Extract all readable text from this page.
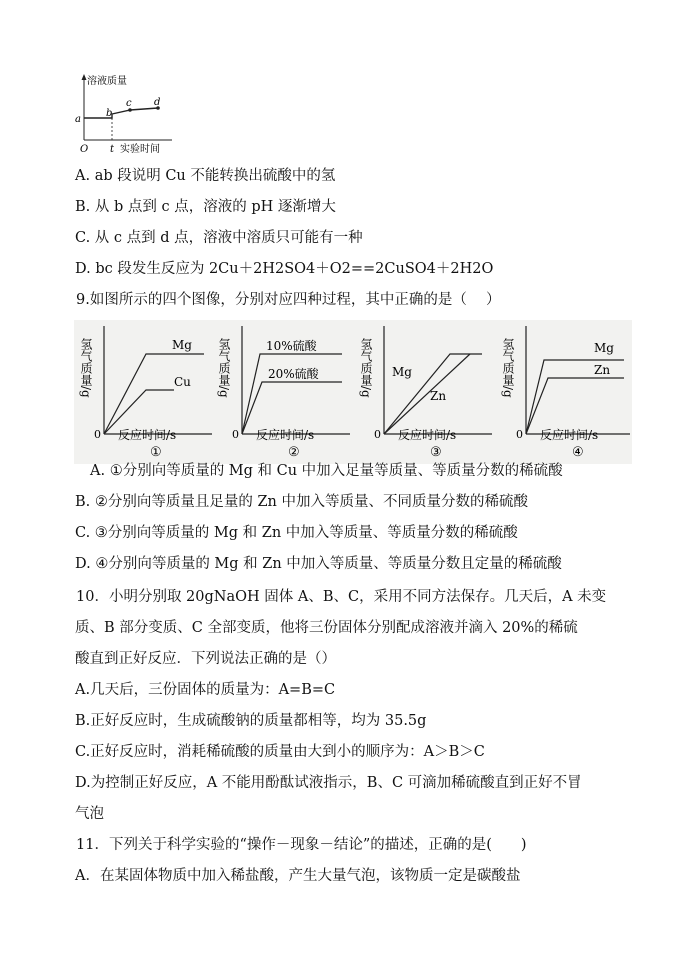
溶液质量
a
b
c d
O t 实验时间
A. ab 段说明 Cu 不能转换出硫酸中的氢
B. 从 b 点到 c 点，溶液的 pH 逐渐增大
C. 从 c 点到 d 点，溶液中溶质只可能有一种
D. bc 段发生反应为 2Cu＋2H2SO4＋O2==2CuSO4＋2H2O
9.如图所示的四个图像，分别对应四种过程，其中正确的是（　 ）
氢气质量/g	Mg
Cu
0 反应时间/s
①
氢气质量/g	10%硫酸
20%硫酸
0 反应时间/s
②
氢气质量/g Mg
Zn
0 反应时间/s
③
氢气质量/g	Mg
Zn
0 反应时间/s
④
A. ①分别向等质量的 Mg 和 Cu 中加入足量等质量、等质量分数的稀硫酸
B. ②分别向等质量且足量的 Zn 中加入等质量、不同质量分数的稀硫酸
C. ③分别向等质量的 Mg 和 Zn 中加入等质量、等质量分数的稀硫酸
D. ④分别向等质量的 Mg 和 Zn 中加入等质量、等质量分数且定量的稀硫酸
10．小明分别取 20gNaOH 固体 A、B、C，采用不同方法保存。几天后，A 未变
质、B 部分变质、C 全部变质，他将三份固体分别配成溶液并滴入 20%的稀硫
酸直到正好反应．下列说法正确的是（）
A.几天后，三份固体的质量为：A=B=C
B.正好反应时，生成硫酸钠的质量都相等，均为 35.5g
C.正好反应时，消耗稀硫酸的质量由大到小的顺序为：A＞B＞C
D.为控制正好反应，A 不能用酚酞试液指示，B、C 可滴加稀硫酸直到正好不冒
气泡
11．下列关于科学实验的“操作－现象－结论”的描述，正确的是(　　)
A．在某固体物质中加入稀盐酸，产生大量气泡，该物质一定是碳酸盐
